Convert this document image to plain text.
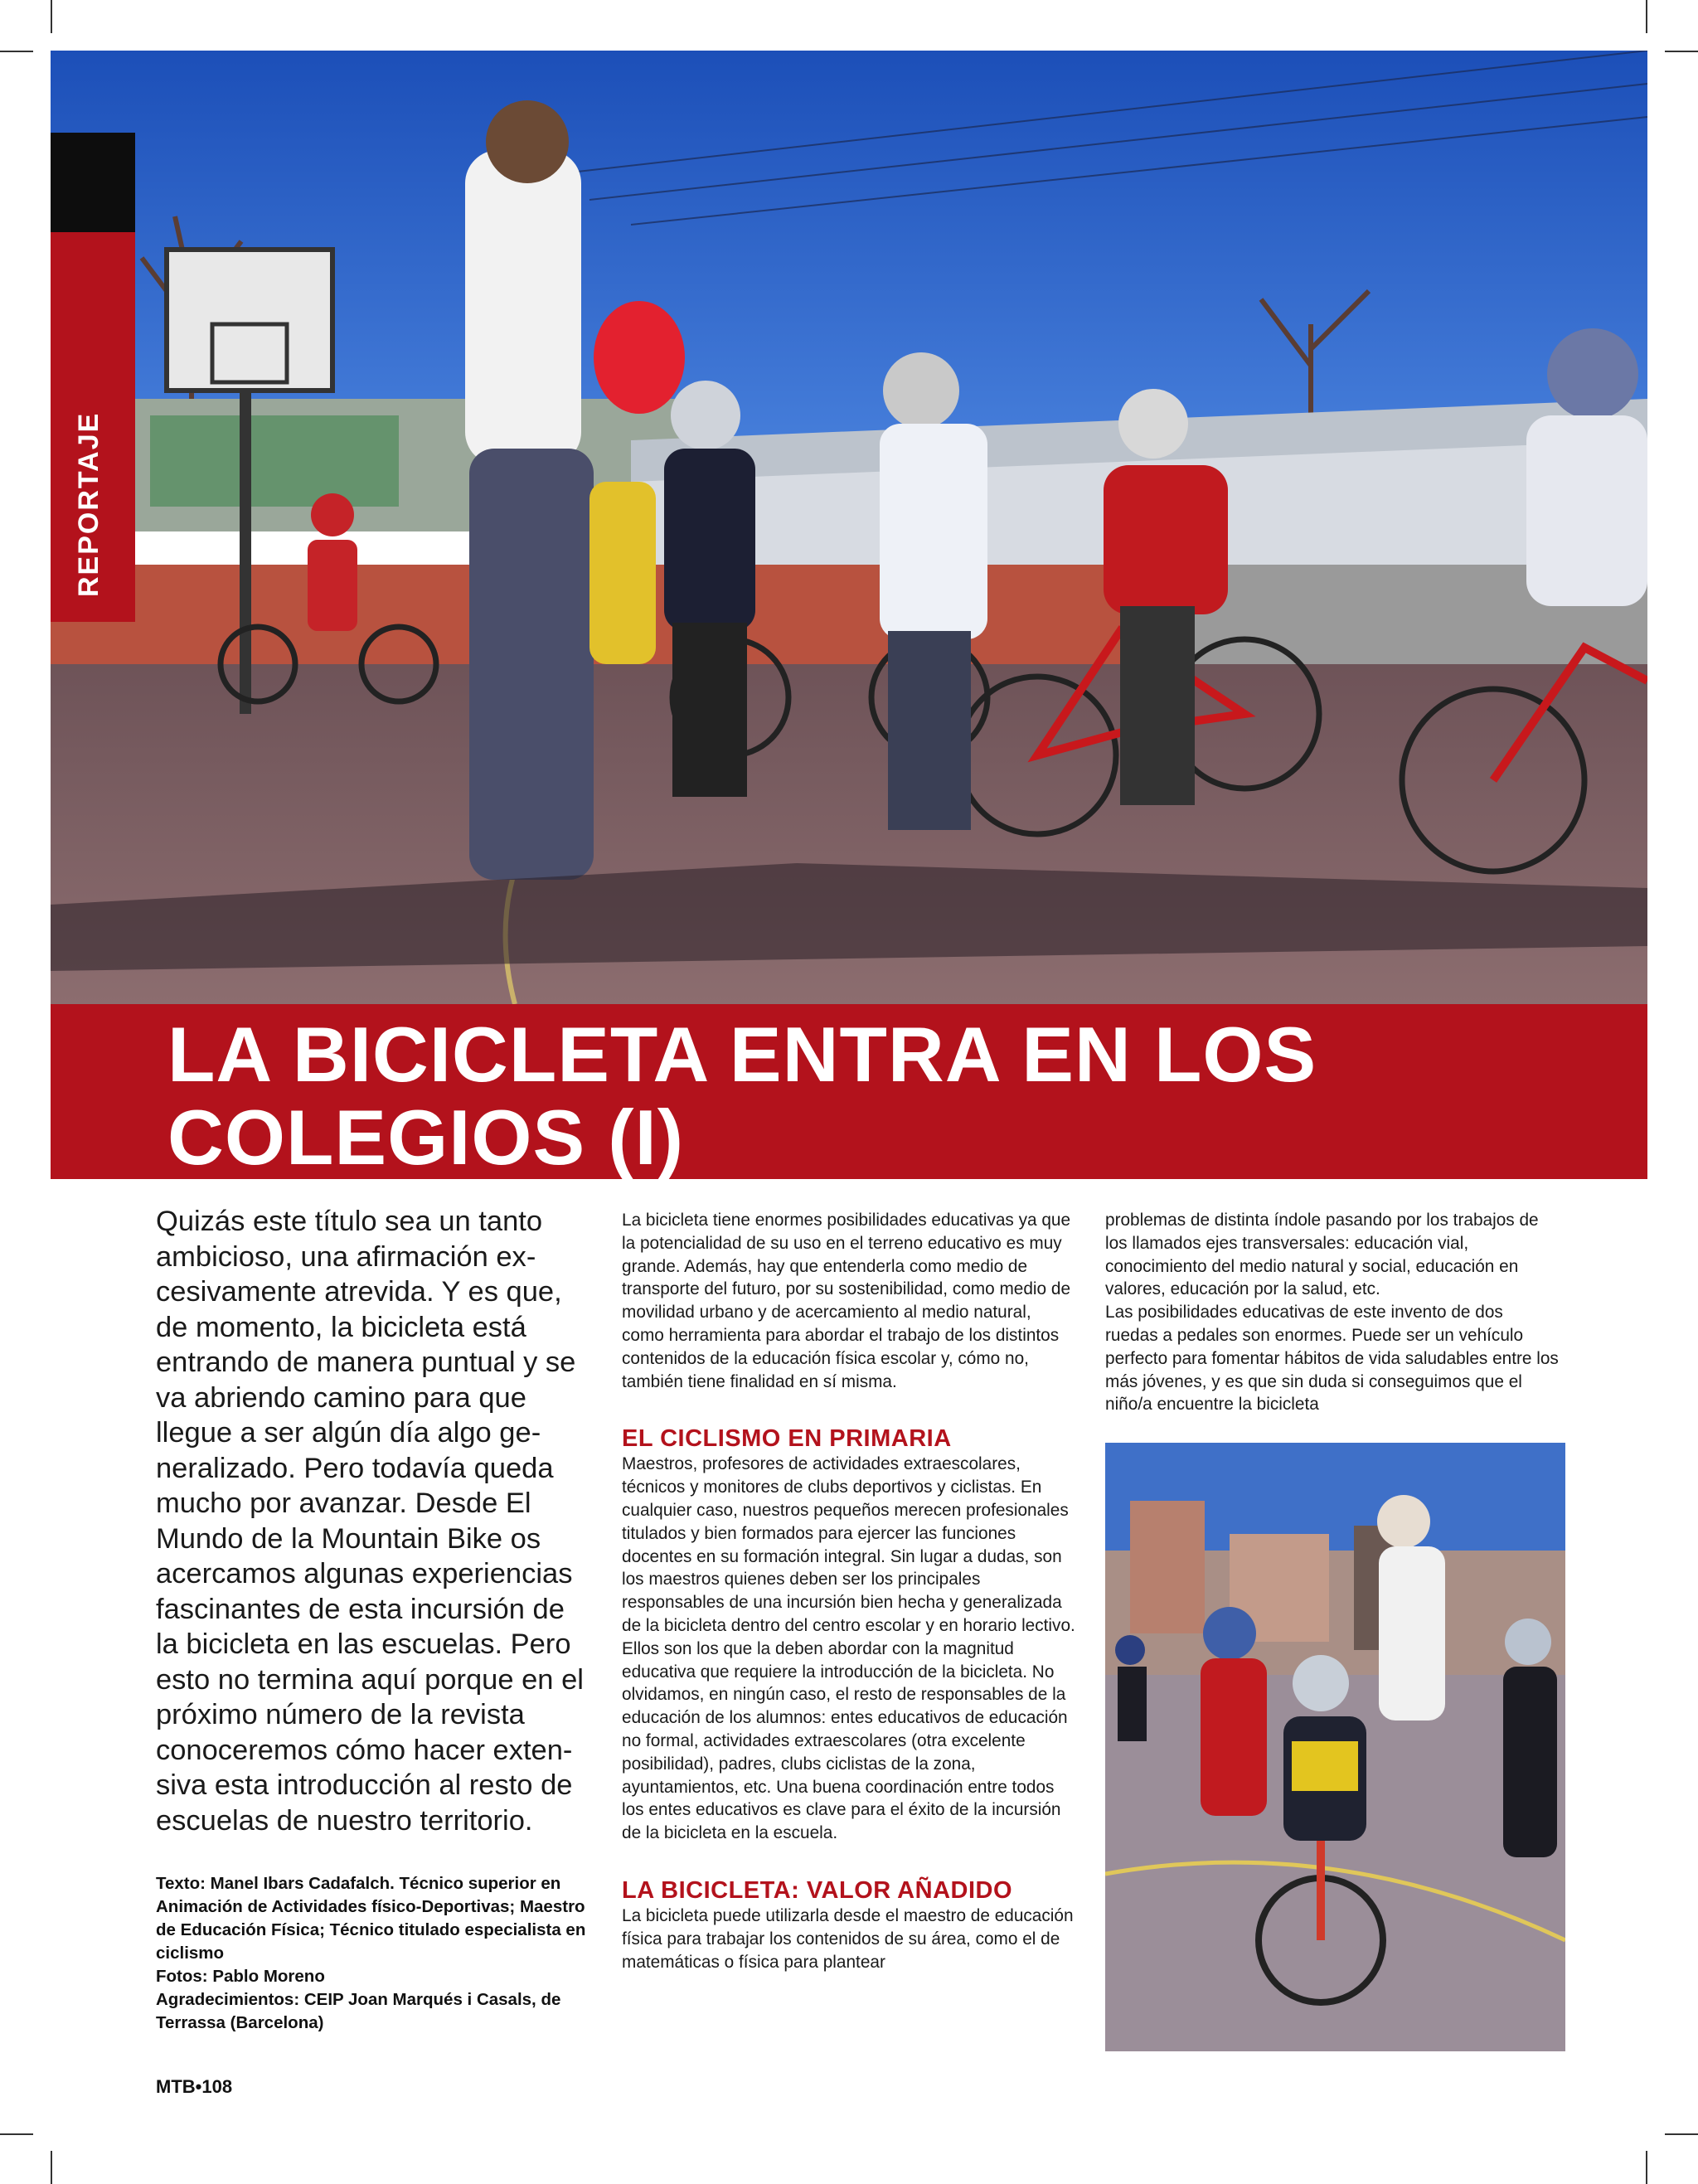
REPORTAJE
LA BICICLETA ENTRA EN LOS
COLEGIOS (I)

Quizás este título sea un tanto ambicioso, una afirmación excesivamente atrevida. Y es que, de momento, la bicicleta está entrando de manera puntual y se va abriendo camino para que llegue a ser algún día algo generalizado. Pero todavía queda mucho por avanzar. Desde El Mundo de la Mountain Bike os acercamos algunas experiencias fascinantes de esta incursión de la bicicleta en las escuelas. Pero esto no termina aquí porque en el próximo número de la revista conoceremos cómo hacer extensiva esta introducción al resto de escuelas de nuestro territorio.

Texto: Manel Ibars Cadafalch. Técnico superior en Animación de Actividades físico-Deportivas; Maestro de Educación Física; Técnico titulado especialista en ciclismo
Fotos: Pablo Moreno
Agradecimientos: CEIP Joan Marqués i Casals, de Terrassa (Barcelona)
MTB•108

La bicicleta tiene enormes posibilidades educativas ya que la potencialidad de su uso en el terreno educativo es muy grande. Además, hay que entenderla como medio de transporte del futuro, por su sostenibilidad, como medio de movilidad urbano y de acercamiento al medio natural, como herramienta para abordar el trabajo de los distintos contenidos de la educación física escolar y, cómo no, también tiene finalidad en sí misma.

EL CICLISMO EN PRIMARIA

Maestros, profesores de actividades extraescolares, técnicos y monitores de clubs deportivos y ciclistas. En cualquier caso, nuestros pequeños merecen profesionales titulados y bien formados para ejercer las funciones docentes en su formación integral. Sin lugar a dudas, son los maestros quienes deben ser los principales responsables de una incursión bien hecha y generalizada de la bicicleta dentro del centro escolar y en horario lectivo. Ellos son los que la deben abordar con la magnitud educativa que requiere la introducción de la bicicleta. No olvidamos, en ningún caso, el resto de responsables de la educación de los alumnos: entes educativos de educación no formal, actividades extraescolares (otra excelente posibilidad), padres, clubs ciclistas de la zona, ayuntamientos, etc. Una buena coordinación entre todos los entes educativos es clave para el éxito de la incursión de la bicicleta en la escuela.

LA BICICLETA: VALOR AÑADIDO

La bicicleta puede utilizarla desde el maestro de educación física para trabajar los contenidos de su área, como el de matemáticas o física para plantear

problemas de distinta índole pasando por los trabajos de los llamados ejes transversales: educación vial, conocimiento del medio natural y social, educación en valores, educación por la salud, etc.

Las posibilidades educativas de este invento de dos ruedas a pedales son enormes. Puede ser un vehículo perfecto para fomentar hábitos de vida saludables entre los más jóvenes, y es que sin duda si conseguimos que el niño/a encuentre la bicicleta
